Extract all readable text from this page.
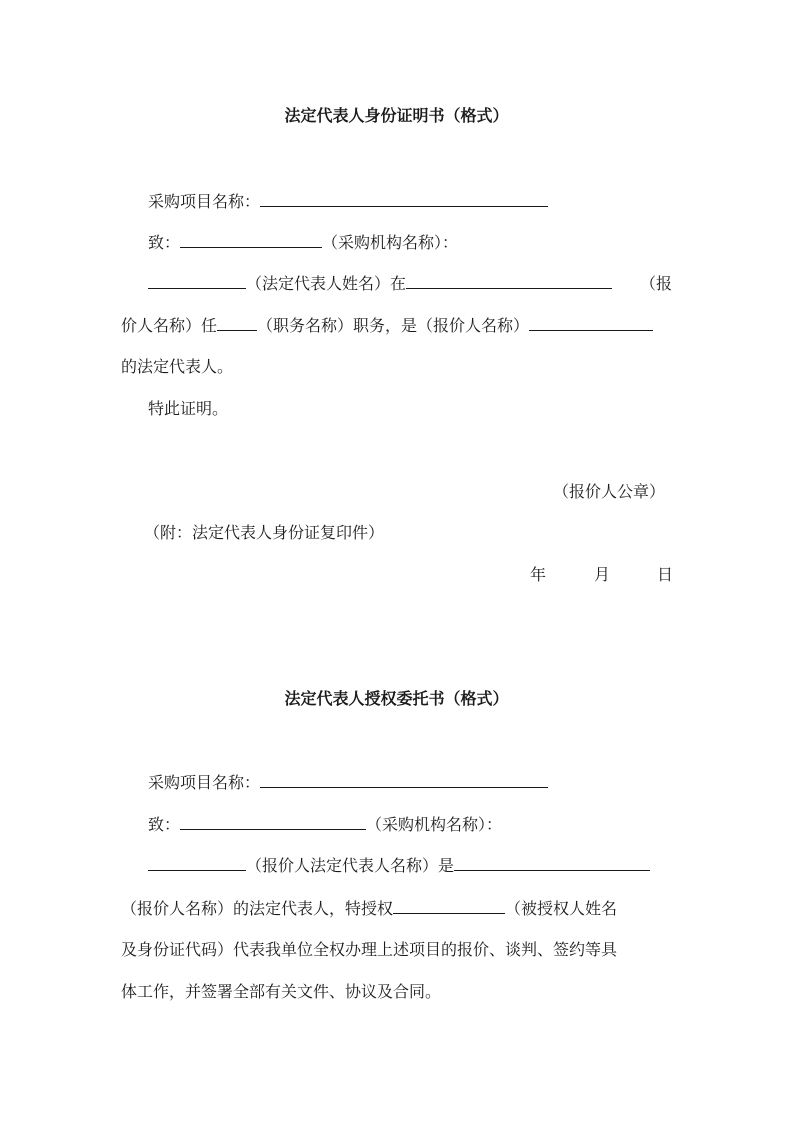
法定代表人身份证明书（格式）
采购项目名称：
致：	（采购机构名称）：
（法定代表人姓名）在	（报
价人名称）任	（职务名称）职务，是（报价人名称）
的法定代表人。
特此证明。
（报价人公章）
（附：法定代表人身份证复印件）
年	月	日
法定代表人授权委托书（格式）
采购项目名称：
致：	（采购机构名称）：
（报价人法定代表人名称）是
（报价人名称）的法定代表人，特授权	（被授权人姓名
及身份证代码）代表我单位全权办理上述项目的报价、谈判、签约等具
体工作，并签署全部有关文件、协议及合同。
